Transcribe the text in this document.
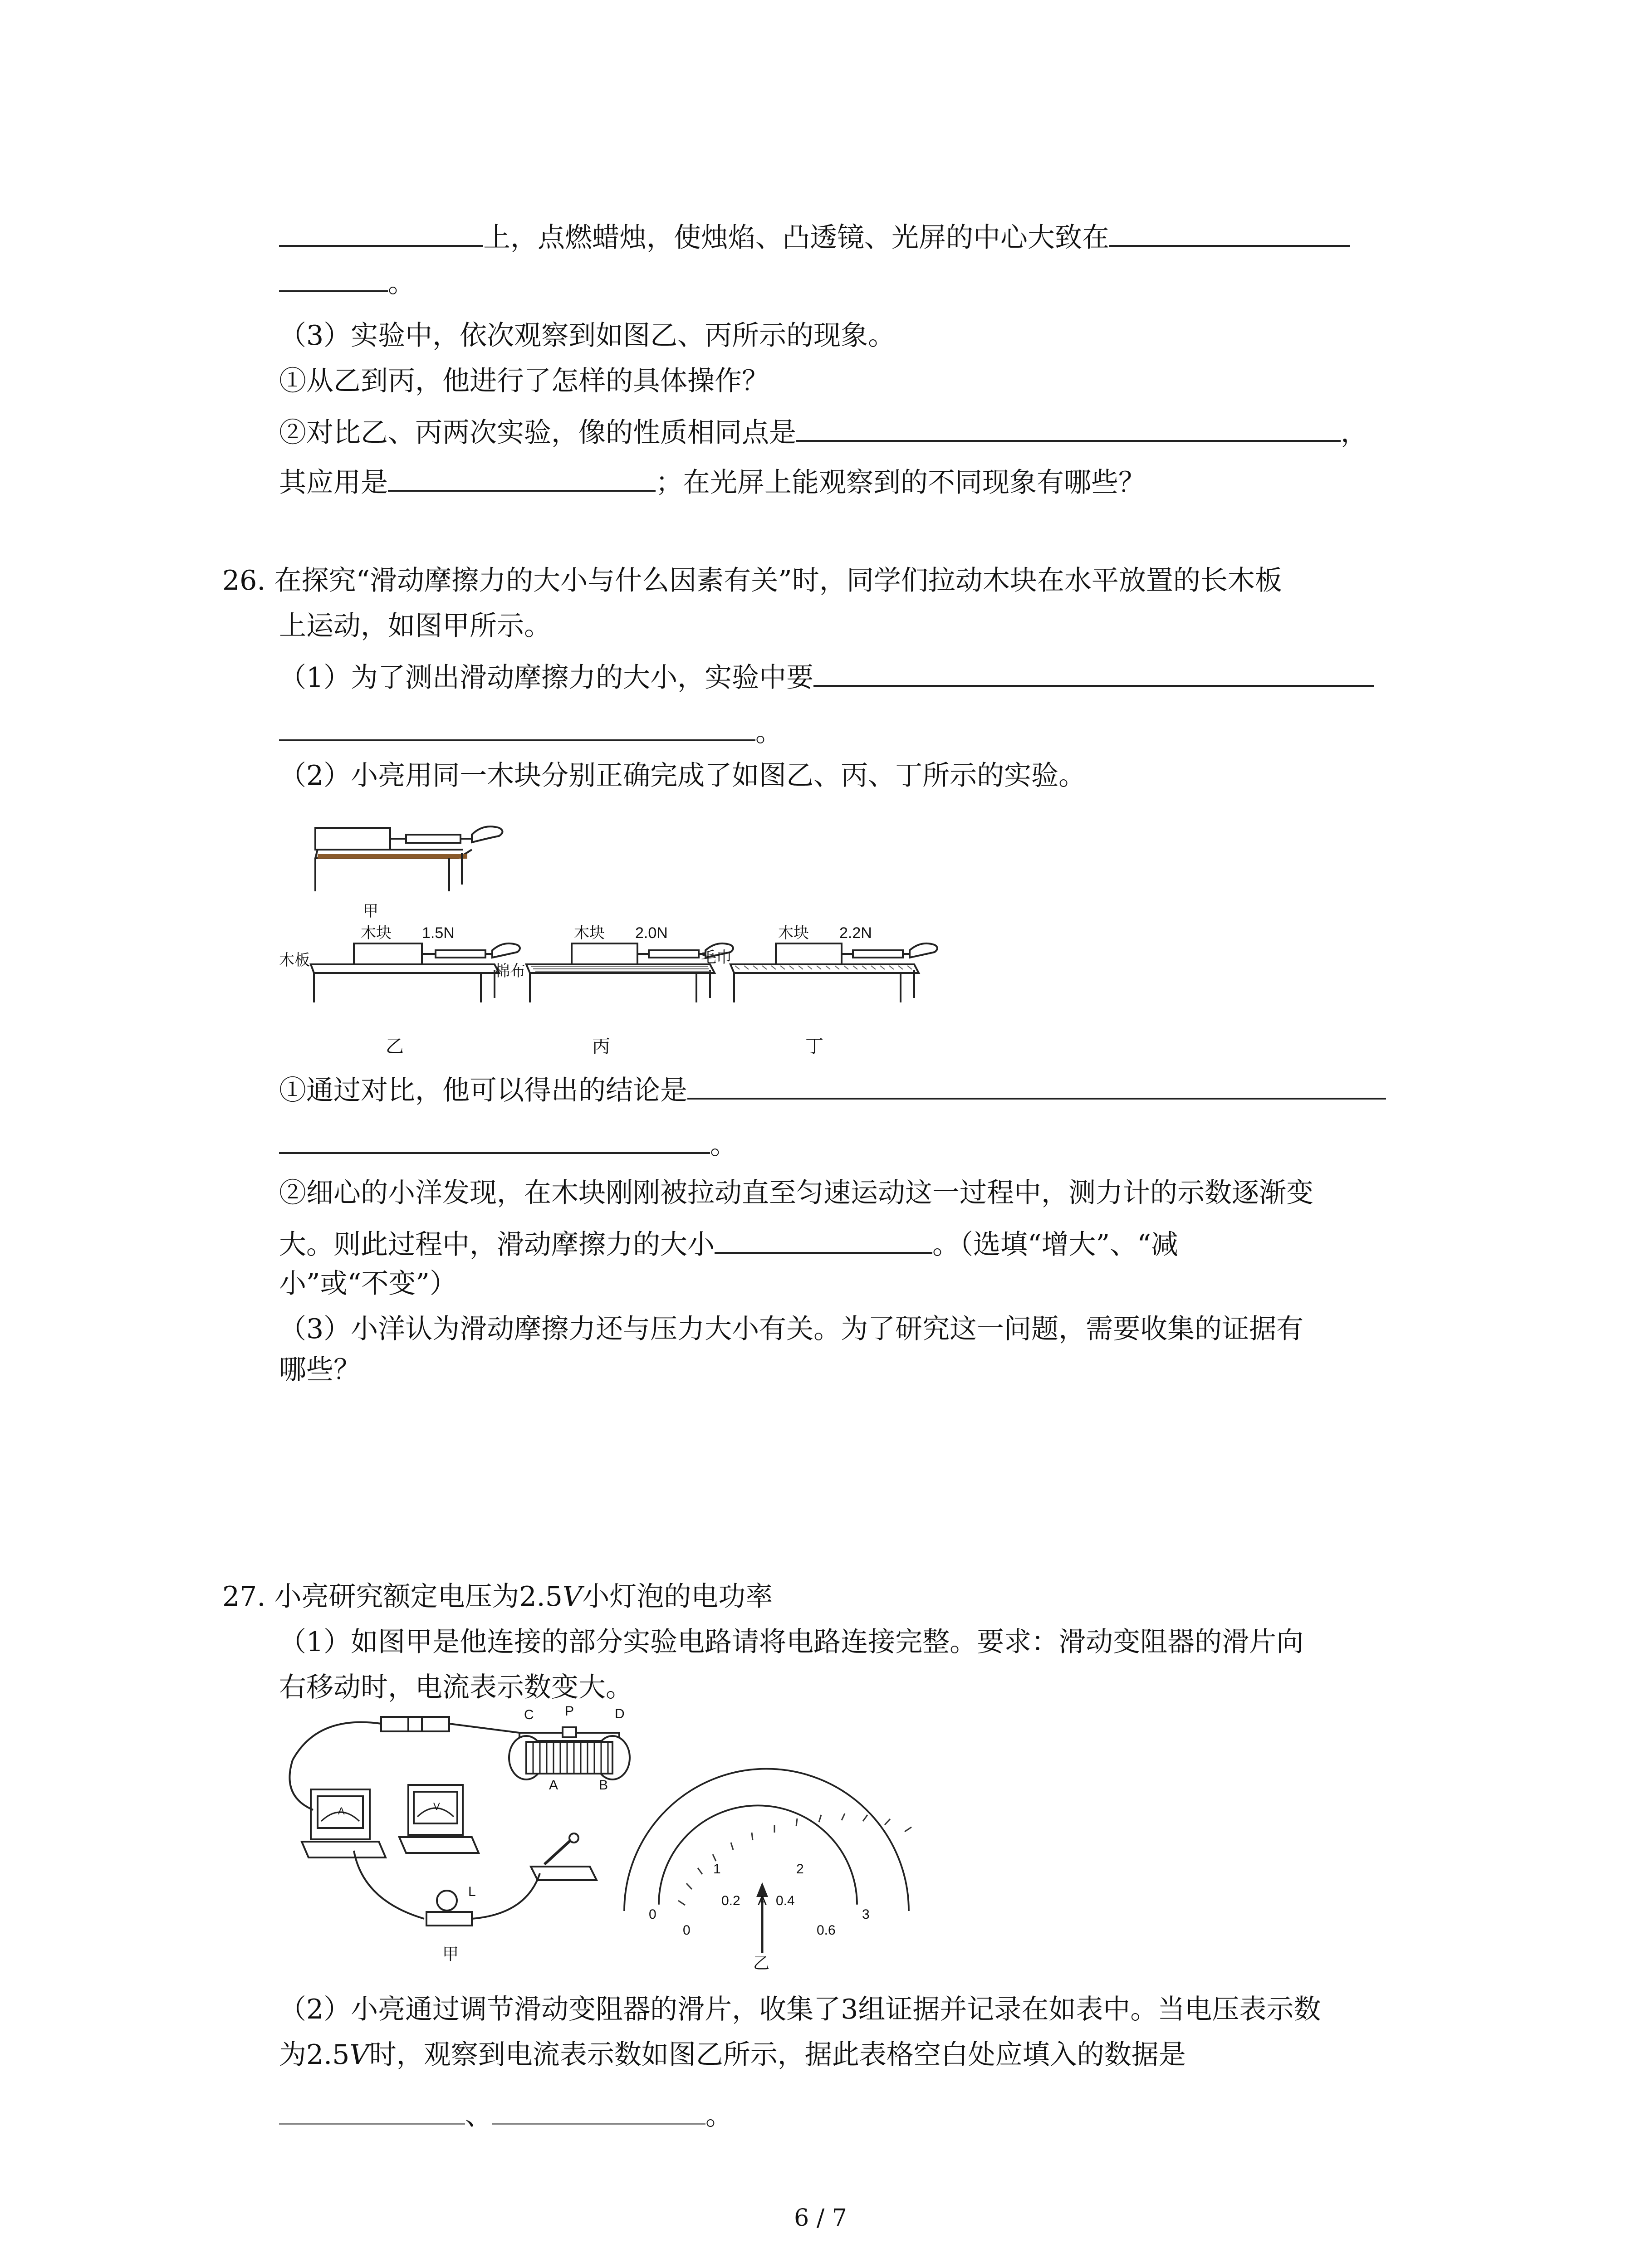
上，点燃蜡烛，使烛焰、凸透镜、光屏的中心大致在
。
（3）实验中，依次观察到如图乙、丙所示的现象。
①从乙到丙，他进行了怎样的具体操作？
②对比乙、丙两次实验，像的性质相同点是	，
其应用是	；在光屏上能观察到的不同现象有哪些？
26. 在探究“滑动摩擦力的大小与什么因素有关”时，同学们拉动木块在水平放置的长木板
上运动，如图甲所示。
（1）为了测出滑动摩擦力的大小，实验中要
。
（2）小亮用同一木块分别正确完成了如图乙、丙、丁所示的实验。
甲
木板
木块 1.5N
棉布
木块 2.0N
毛巾
木块 2.2N
乙	丙	丁
①通过对比，他可以得出的结论是
。
②细心的小洋发现，在木块刚刚被拉动直至匀速运动这一过程中，测力计的示数逐渐变
大。则此过程中，滑动摩擦力的大小	。（选填“增大”、“减
小”或“不变”）
（3）小洋认为滑动摩擦力还与压力大小有关。为了研究这一问题，需要收集的证据有
哪些？
27. 小亮研究额定电压为2.5V小灯泡的电功率
（1）如图甲是他连接的部分实验电路请将电路连接完整。要求：滑动变阻器的滑片向
右移动时，电流表示数变大。
C P	D
A	B
L
A	V
0
1	2
3
0
0.2	0.4
0.6
A
甲	乙
（2）小亮通过调节滑动变阻器的滑片，收集了3组证据并记录在如表中。当电压表示数
为2.5V时，观察到电流表示数如图乙所示，据此表格空白处应填入的数据是
、	。
6 / 7
